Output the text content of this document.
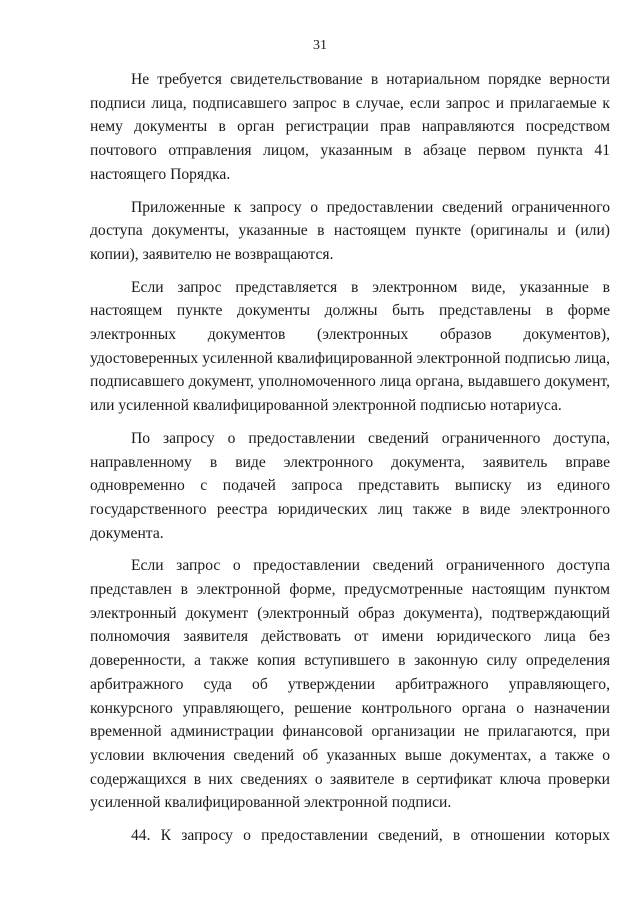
31

Не требуется свидетельствование в нотариальном порядке верности подписи лица, подписавшего запрос в случае, если запрос и прилагаемые к нему документы в орган регистрации прав направляются посредством почтового отправления лицом, указанным в абзаце первом пункта 41 настоящего Порядка.

Приложенные к запросу о предоставлении сведений ограниченного доступа документы, указанные в настоящем пункте (оригиналы и (или) копии), заявителю не возвращаются.

Если запрос представляется в электронном виде, указанные в настоящем пункте документы должны быть представлены в форме электронных документов (электронных образов документов), удостоверенных усиленной квалифицированной электронной подписью лица, подписавшего документ, уполномоченного лица органа, выдавшего документ, или усиленной квалифицированной электронной подписью нотариуса.

По запросу о предоставлении сведений ограниченного доступа, направленному в виде электронного документа, заявитель вправе одновременно с подачей запроса представить выписку из единого государственного реестра юридических лиц также в виде электронного документа.

Если запрос о предоставлении сведений ограниченного доступа представлен в электронной форме, предусмотренные настоящим пунктом электронный документ (электронный образ документа), подтверждающий полномочия заявителя действовать от имени юридического лица без доверенности, а также копия вступившего в законную силу определения арбитражного суда об утверждении арбитражного управляющего, конкурсного управляющего, решение контрольного органа о назначении временной администрации финансовой организации не прилагаются, при условии включения сведений об указанных выше документах, а также о содержащихся в них сведениях о заявителе в сертификат ключа проверки усиленной квалифицированной электронной подписи.

44. К запросу о предоставлении сведений, в отношении которых
